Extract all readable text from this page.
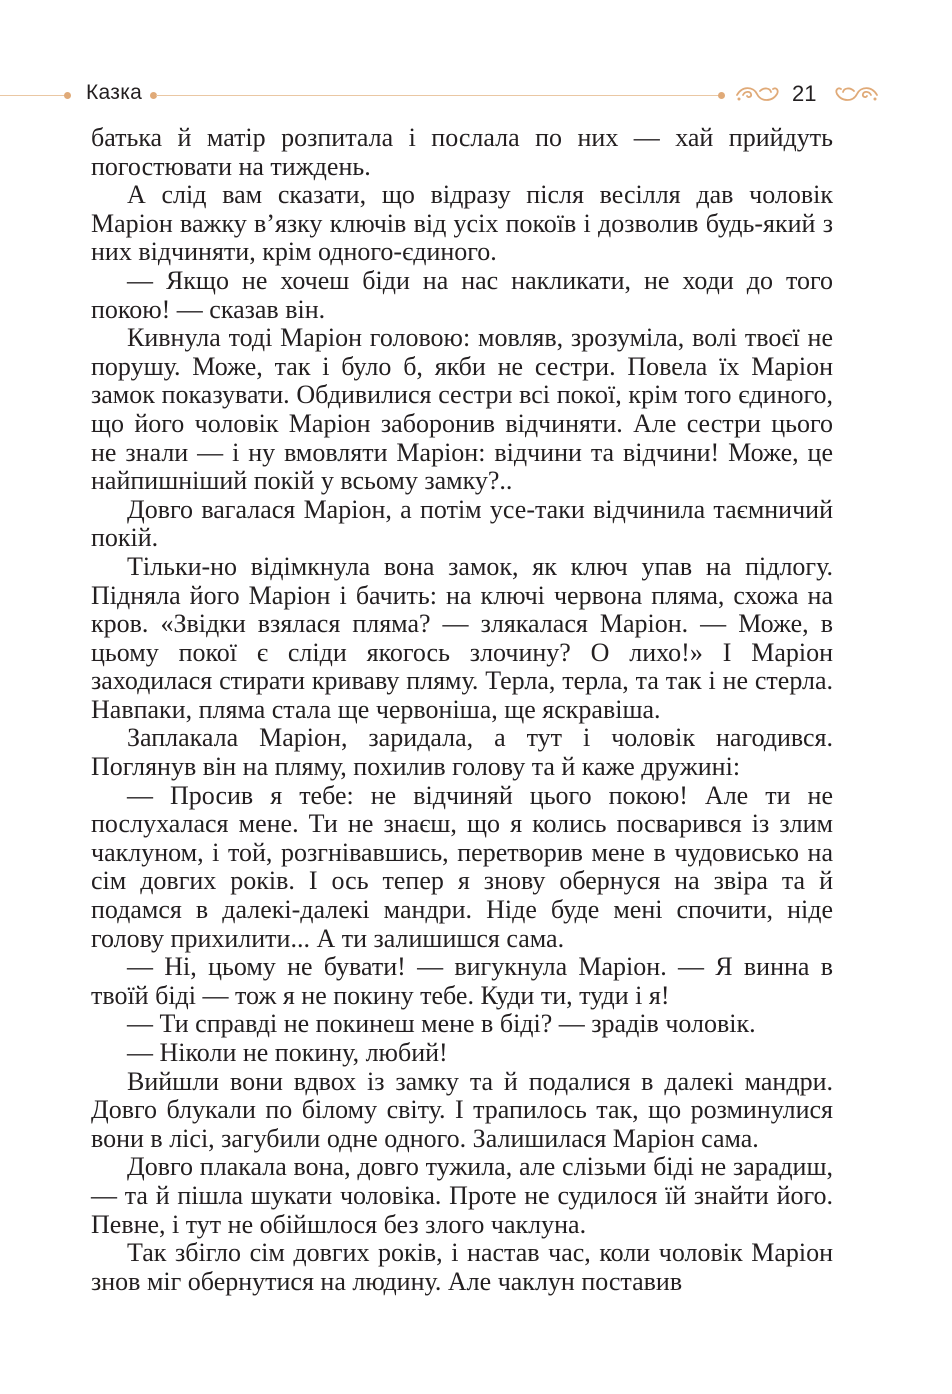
Казка	21

батька й матір розпитала і послала по них — хай прийдуть погостювати на тиждень.

А слід вам сказати, що відразу після весілля дав чоловік Маріон важку в’язку ключів від усіх покоїв і дозволив будь-який з них відчиняти, крім одного-єдиного.

— Якщо не хочеш біди на нас накликати, не ходи до того покою! — сказав він.

Кивнула тоді Маріон головою: мовляв, зрозуміла, волі твоєї не порушу. Може, так і було б, якби не сестри. Повела їх Маріон замок показувати. Обдивилися сестри всі покої, крім того єдиного, що його чоловік Маріон заборонив відчиняти. Але сестри цього не знали — і ну вмовляти Маріон: відчини та відчини! Може, це найпишніший покій у всьому замку?..

Довго вагалася Маріон, а потім усе-таки відчинила таємничий покій.

Тільки-но відімкнула вона замок, як ключ упав на підлогу. Підняла його Маріон і бачить: на ключі червона пляма, схожа на кров. «Звідки взялася пляма? — злякалася Маріон. — Може, в цьому покої є сліди якогось злочину? О лихо!» І Маріон заходилася стирати криваву пляму. Терла, терла, та так і не стерла. Навпаки, пляма стала ще червоніша, ще яскравіша.

Заплакала Маріон, заридала, а тут і чоловік нагодився. Поглянув він на пляму, похилив голову та й каже дружині:

— Просив я тебе: не відчиняй цього покою! Але ти не послухалася мене. Ти не знаєш, що я колись посварився із злим чаклуном, і той, розгнівавшись, перетворив мене в чудовисько на сім довгих років. І ось тепер я знову обернуся на звіра та й подамся в далекі-далекі мандри. Ніде буде мені спочити, ніде голову прихилити... А ти залишишся сама.

— Ні, цьому не бувати! — вигукнула Маріон. — Я винна в твоїй біді — тож я не покину тебе. Куди ти, туди і я!

— Ти справді не покинеш мене в біді? — зрадів чоловік.

— Ніколи не покину, любий!

Вийшли вони вдвох із замку та й подалися в далекі мандри. Довго блукали по білому світу. І трапилось так, що розминулися вони в лісі, загубили одне одного. Залишилася Маріон сама.

Довго плакала вона, довго тужила, але слізьми біді не зарадиш,— та й пішла шукати чоловіка. Проте не судилося їй знайти його. Певне, і тут не обійшлося без злого чаклуна.

Так збігло сім довгих років, і настав час, коли чоловік Маріон знов міг обернутися на людину. Але чаклун поставив
